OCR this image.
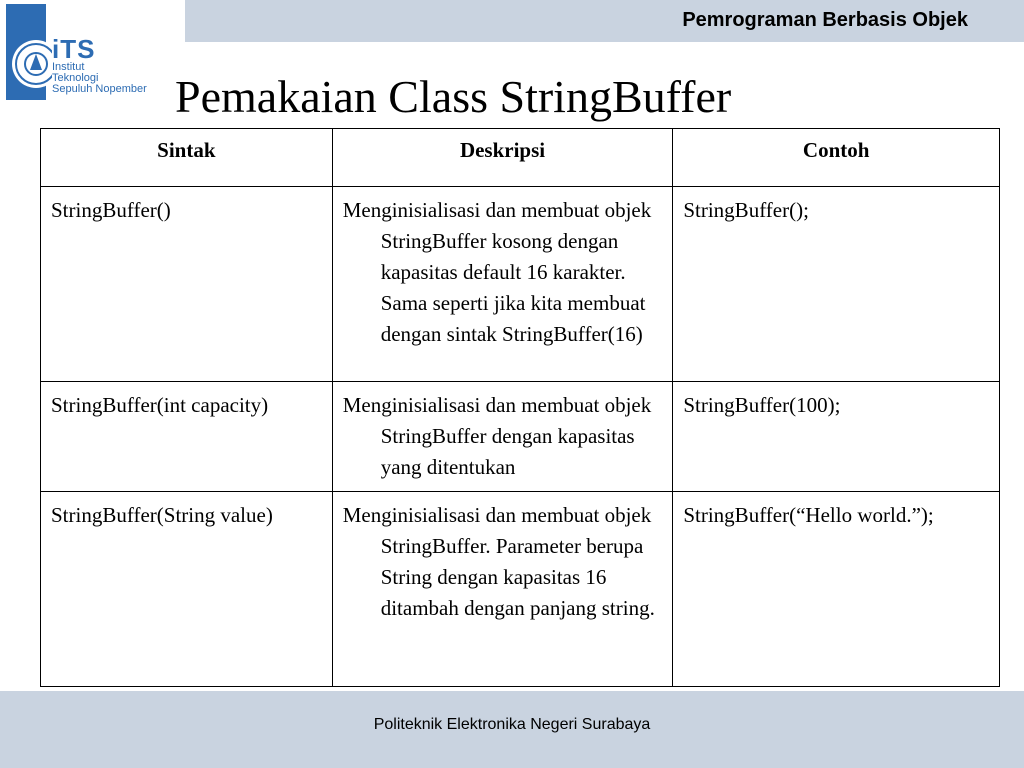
Pemrograman Berbasis Objek
iTS
Institut
Teknologi
Sepuluh Nopember Pemakaian Class StringBuffer
Sintak	Deskripsi	Contoh
StringBuffer()	Menginisialisasi dan membuat objek StringBuffer kosong dengan kapasitas default 16 karakter. Sama seperti jika kita membuat dengan sintak StringBuffer(16)	StringBuffer();
StringBuffer(int capacity)	Menginisialisasi dan membuat objek StringBuffer dengan kapasitas yang ditentukan	StringBuffer(100);
StringBuffer(String value)	Menginisialisasi dan membuat objek StringBuffer. Parameter berupa String dengan kapasitas 16 ditambah dengan panjang string.	StringBuffer(“Hello world.”);
Politeknik Elektronika Negeri Surabaya
